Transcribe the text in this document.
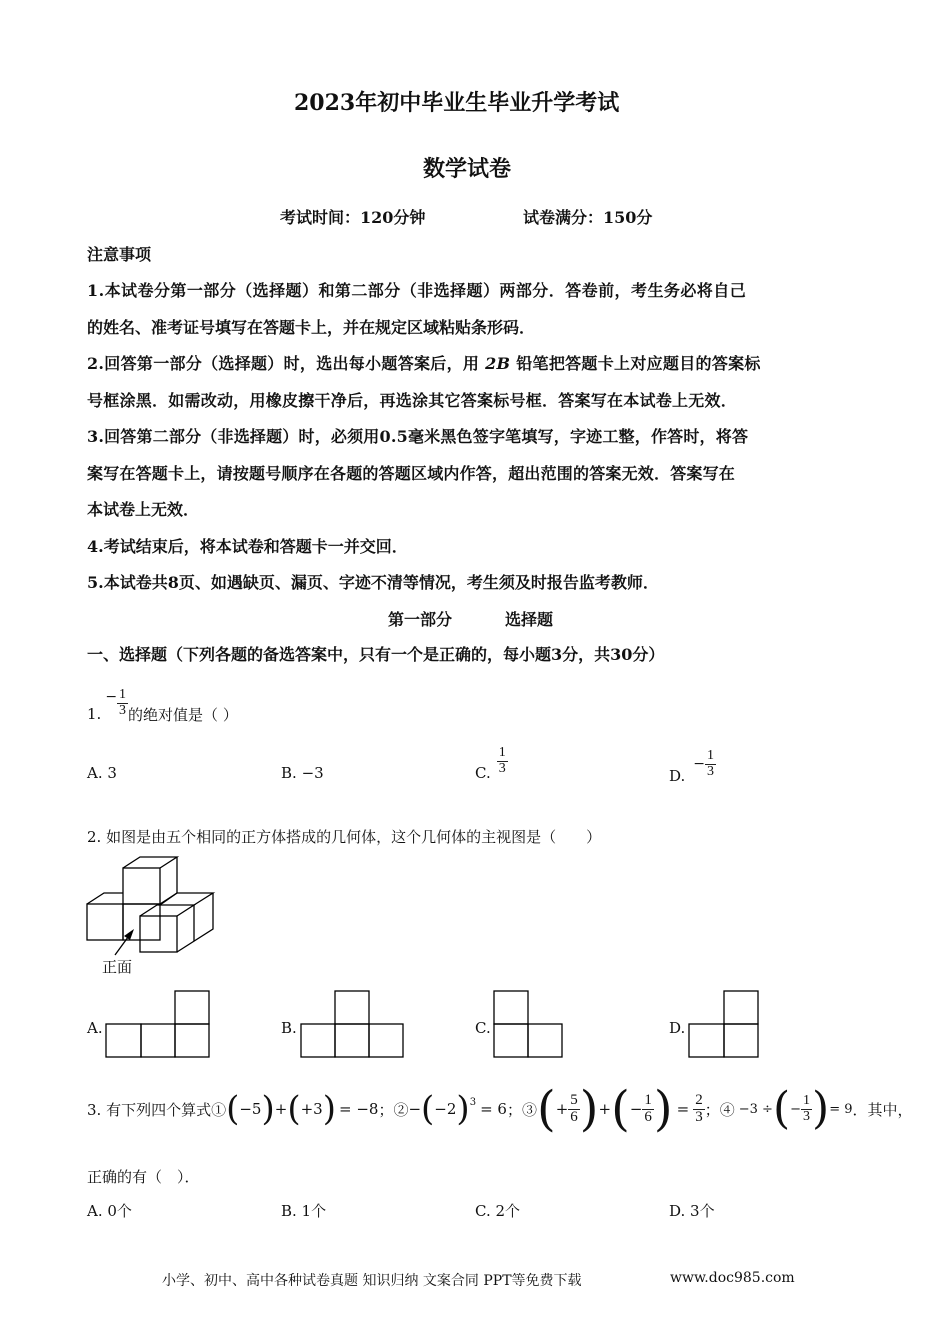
2023年初中毕业生毕业升学考试
数学试卷
考试时间：120分钟	试卷满分：150分
注意事项
1.本试卷分第一部分（选择题）和第二部分（非选择题）两部分．答卷前，考生务必将自己
的姓名、准考证号填写在答题卡上，并在规定区域粘贴条形码．
2.回答第一部分（选择题）时，选出每小题答案后，用 2B 铅笔把答题卡上对应题目的答案标
号框涂黑．如需改动，用橡皮擦干净后，再选涂其它答案标号框．答案写在本试卷上无效．
3.回答第二部分（非选择题）时，必须用0.5毫米黑色签字笔填写，字迹工整，作答时，将答
案写在答题卡上，请按题号顺序在各题的答题区域内作答，超出范围的答案无效．答案写在
本试卷上无效．
4.考试结束后，将本试卷和答题卡一并交回．
5.本试卷共8页、如遇缺页、漏页、字迹不清等情况，考生须及时报告监考教师．
第一部分	选择题
一、选择题（下列各题的备选答案中，只有一个是正确的，每小题3分，共30分）
1.
− $\frac{1}{3}$ 的绝对值是（ ）
A. 3	B. −3	C. $\frac{1}{3}$	D.
− $\frac{1}{3}$
2. 如图是由五个相同的正方体搭成的几何体，这个几何体的主视图是（　　）
正面
A.	B.	C.	D.
3. 有下列四个算式① ( −5 ) + ( +3 ) = −8 ；② − ( −2 )$^3$ = 6 ；③ ( + $\frac{5}{6}$ ) + ( − $\frac{1}{6}$ ) = $\frac{2}{3}$ ；④ −3 ÷ ( − $\frac{1}{3}$ ) = 9 ．其中，
正确的有（　）．
A. 0个	B. 1个	C. 2个	D. 3个
小学、初中、高中各种试卷真题 知识归纳 文案合同 PPT等免费下载	www.doc985.com
